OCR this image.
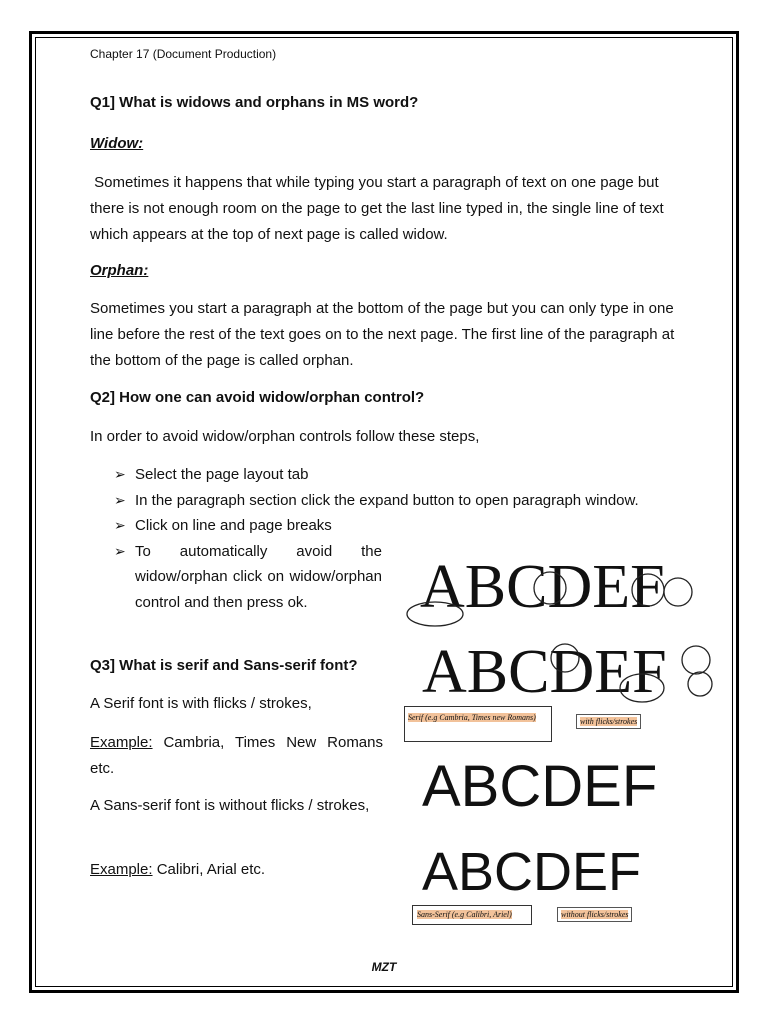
Chapter 17 (Document Production)
Q1] What is widows and orphans in MS word?
Widow:
Sometimes it happens that while typing you start a paragraph of text on one page but there is not enough room on the page to get the last line typed in, the single line of text which appears at the top of next page is called widow.
Orphan:
Sometimes you start a paragraph at the bottom of the page but you can only type in one line before the rest of the text goes on to the next page. The first line of the paragraph at the bottom of the page is called orphan.
Q2] How one can avoid widow/orphan control?
In order to avoid widow/orphan controls follow these steps,
➢ Select the page layout tab
➢ In the paragraph section click the expand button to open paragraph window.
➢ Click on line and page breaks
➢ To automatically avoid the widow/orphan click on widow/orphan control and then press ok.
Q3] What is serif and Sans-serif font?
A Serif font is with flicks / strokes,
Example: Cambria, Times New Romans etc.
A Sans-serif font is without flicks / strokes,
Example: Calibri, Arial etc.
ABCDEF
ABCDEF
Serif (e.g Cambria, Times new Romans)	with flicks/strokes
ABCDEF
ABCDEF
Sans-Serif (e.g Calibri, Ariel)	without flicks/strokes
MZT
